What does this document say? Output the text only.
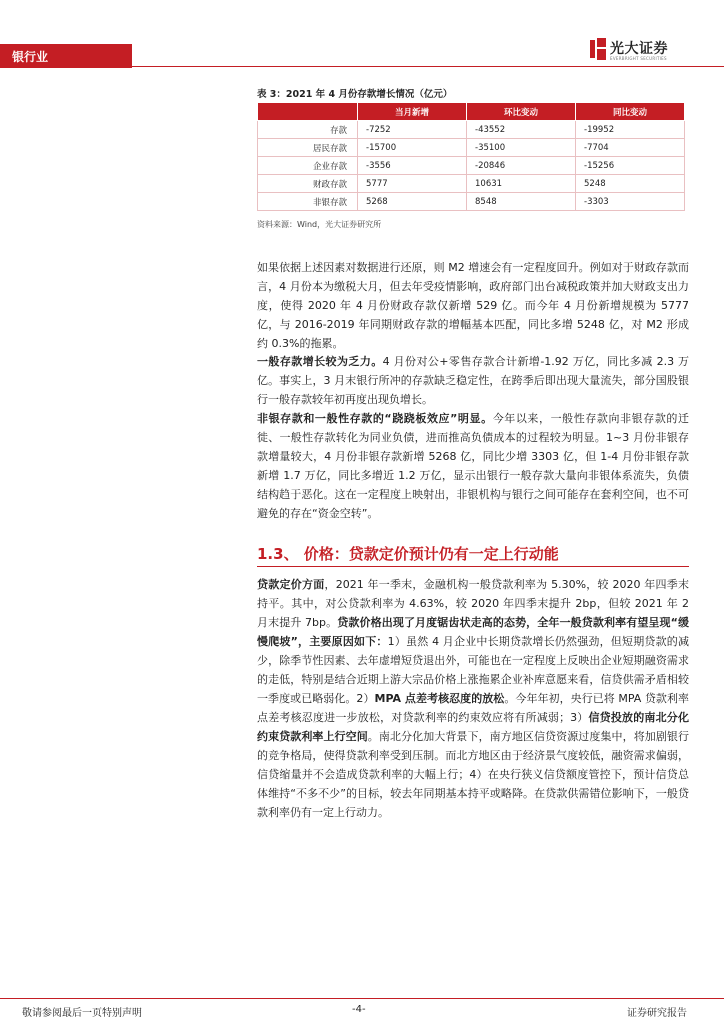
银行业	光大证券
EVERBRIGHT SECURITIES
表 3：2021 年 4 月份存款增长情况（亿元）
	当月新增	环比变动	同比变动
存款	-7252	-43552	-19952
居民存款	-15700	-35100	-7704
企业存款	-3556	-20846	-15256
财政存款	5777	10631	5248
非银存款	5268	8548	-3303
资料来源：Wind，光大证券研究所

如果依据上述因素对数据进行还原，则 M2 增速会有一定程度回升。例如对于财政存款而言，4 月份本为缴税大月，但去年受疫情影响，政府部门出台减税政策并加大财政支出力度，使得 2020 年 4 月份财政存款仅新增 529 亿。而今年 4 月份新增规模为 5777 亿，与 2016-2019 年同期财政存款的增幅基本匹配，同比多增 5248 亿，对 M2 形成约 0.3%的拖累。

一般存款增长较为乏力。4 月份对公+零售存款合计新增-1.92 万亿，同比多减 2.3 万亿。事实上，3 月末银行所冲的存款缺乏稳定性，在跨季后即出现大量流失，部分国股银行一般存款较年初再度出现负增长。

非银存款和一般性存款的“跷跷板效应”明显。今年以来，一般性存款向非银存款的迁徙、一般性存款转化为同业负债，进而推高负债成本的过程较为明显。1~3 月份非银存款增量较大，4 月份非银存款新增 5268 亿，同比少增 3303 亿，但 1-4 月份非银存款新增 1.7 万亿，同比多增近 1.2 万亿，显示出银行一般存款大量向非银体系流失，负债结构趋于恶化。这在一定程度上映射出，非银机构与银行之间可能存在套利空间，也不可避免的存在“资金空转”。

1.3、 价格：贷款定价预计仍有一定上行动能

贷款定价方面，2021 年一季末，金融机构一般贷款利率为 5.30%，较 2020 年四季末持平。其中，对公贷款利率为 4.63%，较 2020 年四季末提升 2bp，但较 2021 年 2 月末提升 7bp。贷款价格出现了月度锯齿状走高的态势，全年一般贷款利率有望呈现“缓慢爬坡”，主要原因如下：1）虽然 4 月企业中长期贷款增长仍然强劲，但短期贷款的减少，除季节性因素、去年虚增短贷退出外，可能也在一定程度上反映出企业短期融资需求的走低，特别是结合近期上游大宗品价格上涨拖累企业补库意愿来看，信贷供需矛盾相较一季度或已略弱化。2）MPA 点差考核忍度的放松。今年年初，央行已将 MPA 贷款利率点差考核忍度进一步放松，对贷款利率的约束效应将有所减弱；3）信贷投放的南北分化约束贷款利率上行空间。南北分化加大背景下，南方地区信贷资源过度集中，将加剧银行的竞争格局，使得贷款利率受到压制。而北方地区由于经济景气度较低，融资需求偏弱，信贷缩量并不会造成贷款利率的大幅上行；4）在央行狭义信贷额度管控下，预计信贷总体维持“不多不少”的目标，较去年同期基本持平或略降。在贷款供需错位影响下，一般贷款利率仍有一定上行动力。

敬请参阅最后一页特别声明	-4-	证券研究报告
